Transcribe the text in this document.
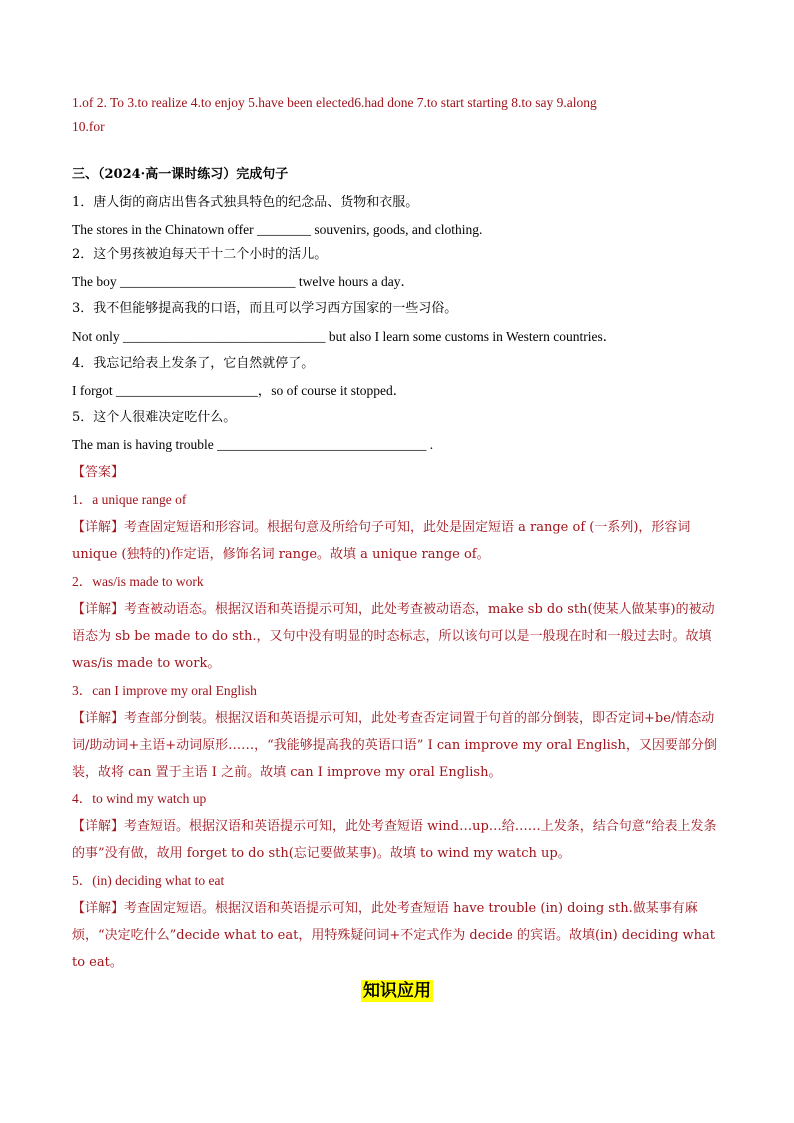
1.of 2. To 3.to realize 4.to enjoy 5.have been elected6.had done 7.to start starting 8.to say 9.along
10.for
三、（2024·高一课时练习）完成句子
1．唐人街的商店出售各式独具特色的纪念品、货物和衣服。
The stores in the Chinatown offer ________ souvenirs, goods, and clothing.
2．这个男孩被迫每天干十二个小时的活儿。
The boy __________________________ twelve hours a day．
3．我不但能够提高我的口语，而且可以学习西方国家的一些习俗。
Not only ______________________________ but also I learn some customs in Western countries．
4．我忘记给表上发条了，它自然就停了。
I forgot _____________________，so of course it stopped．
5．这个人很难决定吃什么。
The man is having trouble _______________________________ .
【答案】
1．a unique range of
【详解】考查固定短语和形容词。根据句意及所给句子可知，此处是固定短语 a range of (一系列)，形容词 unique (独特的)作定语，修饰名词 range。故填 a unique range of。
2．was/is made to work
【详解】考查被动语态。根据汉语和英语提示可知，此处考查被动语态，make sb do sth(使某人做某事)的被动语态为 sb be made to do sth.，又句中没有明显的时态标志，所以该句可以是一般现在时和一般过去时。故填 was/is made to work。
3．can I improve my oral English
【详解】考查部分倒装。根据汉语和英语提示可知，此处考查否定词置于句首的部分倒装，即否定词+be/情态动词/助动词+主语+动词原形……，“我能够提高我的英语口语” I can improve my oral English，又因要部分倒装，故将 can 置于主语 I 之前。故填 can I improve my oral English。
4．to wind my watch up
【详解】考查短语。根据汉语和英语提示可知，此处考查短语 wind…up…给……上发条，结合句意“给表上发条的事”没有做，故用 forget to do sth(忘记要做某事)。故填 to wind my watch up。
5．(in) deciding what to eat
【详解】考查固定短语。根据汉语和英语提示可知，此处考查短语 have trouble (in) doing sth.做某事有麻烦，“决定吃什么”decide what to eat，用特殊疑问词+不定式作为 decide 的宾语。故填(in) deciding what to eat。
知识应用
